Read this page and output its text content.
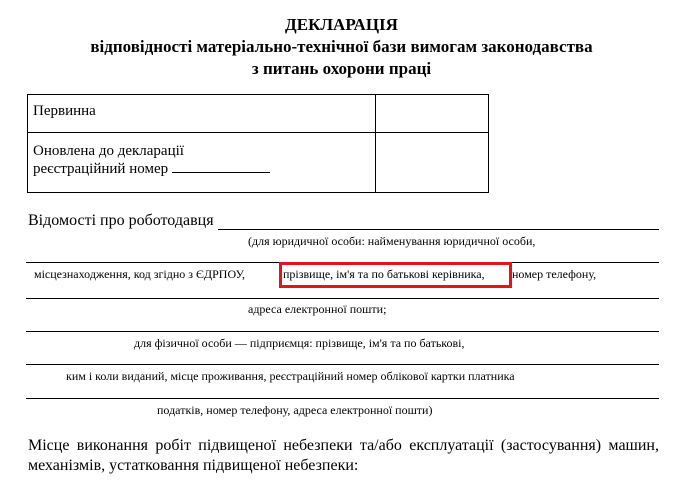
ДЕКЛАРАЦІЯ
відповідності матеріально-технічної бази вимогам законодавства
з питань охорони праці
Первинна
Оновлена до декларації
реєстраційний номер
Відомості про роботодавця
(для юридичної особи: найменування юридичної особи,
місцезнаходження, код згідно з ЄДРПОУ,	прізвище, ім'я та по батькові керівника, номер телефону,
адреса електронної пошти;
для фізичної особи — підприємця: прізвище, ім'я та по батькові,
ким і коли виданий, місце проживання, реєстраційний номер облікової картки платника
податків, номер телефону, адреса електронної пошти)
Місце виконання робіт підвищеної небезпеки та/або експлуатації (застосування) машин,
механізмів, устатковання підвищеної небезпеки:
